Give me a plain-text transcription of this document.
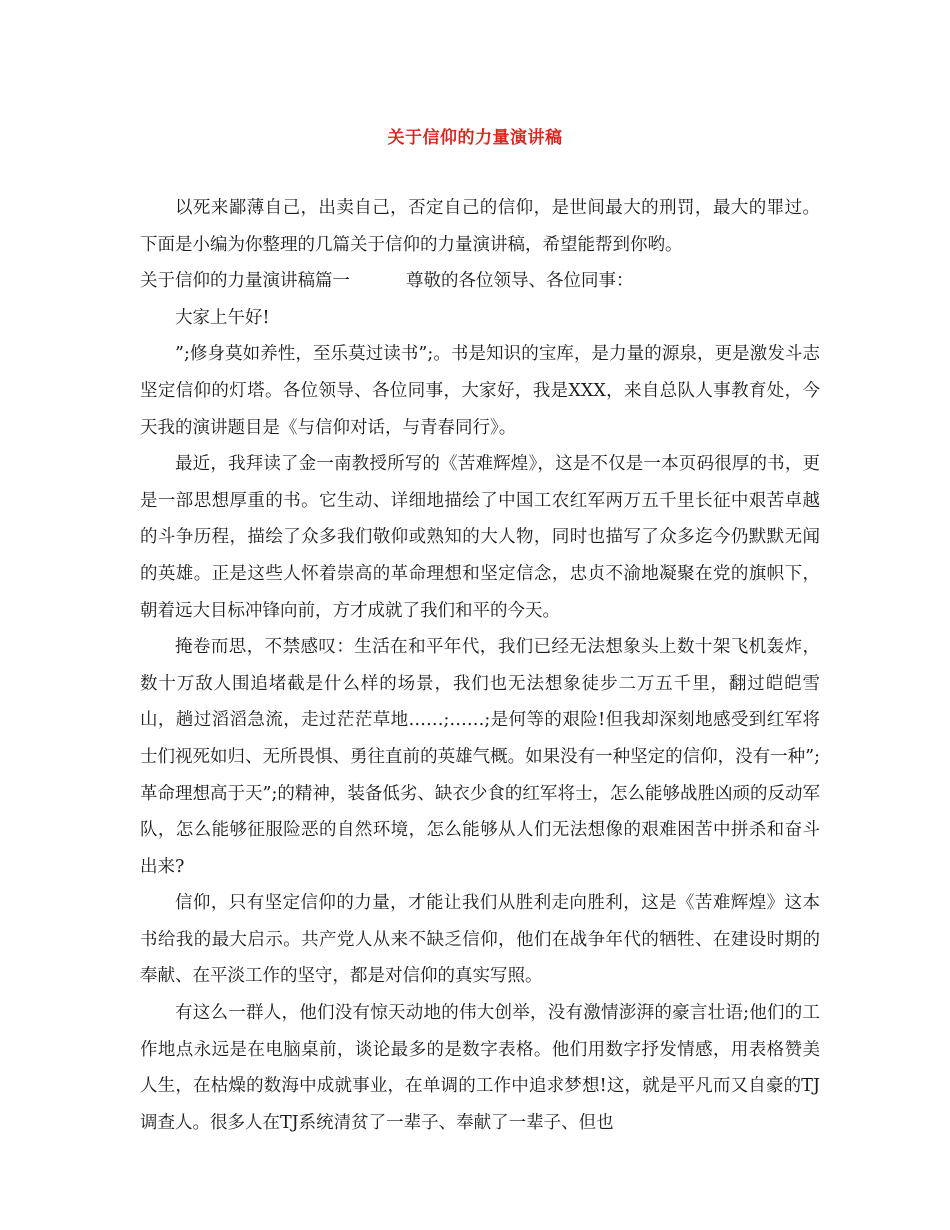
关于信仰的力量演讲稿

以死来鄙薄自己，出卖自己，否定自己的信仰，是世间最大的刑罚，最大的罪过。下面是小编为你整理的几篇关于信仰的力量演讲稿，希望能帮到你哟。

关于信仰的力量演讲稿篇一	尊敬的各位领导、各位同事：

大家上午好!

”;修身莫如养性，至乐莫过读书”;。书是知识的宝库，是力量的源泉，更是激发斗志坚定信仰的灯塔。各位领导、各位同事，大家好，我是XXX，来自总队人事教育处，今天我的演讲题目是《与信仰对话，与青春同行》。

最近，我拜读了金一南教授所写的《苦难辉煌》，这是不仅是一本页码很厚的书，更是一部思想厚重的书。它生动、详细地描绘了中国工农红军两万五千里长征中艰苦卓越的斗争历程，描绘了众多我们敬仰或熟知的大人物，同时也描写了众多迄今仍默默无闻的英雄。正是这些人怀着崇高的革命理想和坚定信念，忠贞不渝地凝聚在党的旗帜下，朝着远大目标冲锋向前，方才成就了我们和平的今天。

掩卷而思，不禁感叹：生活在和平年代，我们已经无法想象头上数十架飞机轰炸，数十万敌人围追堵截是什么样的场景，我们也无法想象徒步二万五千里，翻过皑皑雪山，趟过滔滔急流，走过茫茫草地……;……;是何等的艰险!但我却深刻地感受到红军将士们视死如归、无所畏惧、勇往直前的英雄气概。如果没有一种坚定的信仰，没有一种”;革命理想高于天”;的精神，装备低劣、缺衣少食的红军将士，怎么能够战胜凶顽的反动军队，怎么能够征服险恶的自然环境，怎么能够从人们无法想像的艰难困苦中拼杀和奋斗出来?

信仰，只有坚定信仰的力量，才能让我们从胜利走向胜利，这是《苦难辉煌》这本书给我的最大启示。共产党人从来不缺乏信仰，他们在战争年代的牺牲、在建设时期的奉献、在平淡工作的坚守，都是对信仰的真实写照。

有这么一群人，他们没有惊天动地的伟大创举，没有激情澎湃的豪言壮语;他们的工作地点永远是在电脑桌前，谈论最多的是数字表格。他们用数字抒发情感，用表格赞美人生，在枯燥的数海中成就事业，在单调的工作中追求梦想!这，就是平凡而又自豪的TJ调查人。很多人在TJ系统清贫了一辈子、奉献了一辈子、但也
